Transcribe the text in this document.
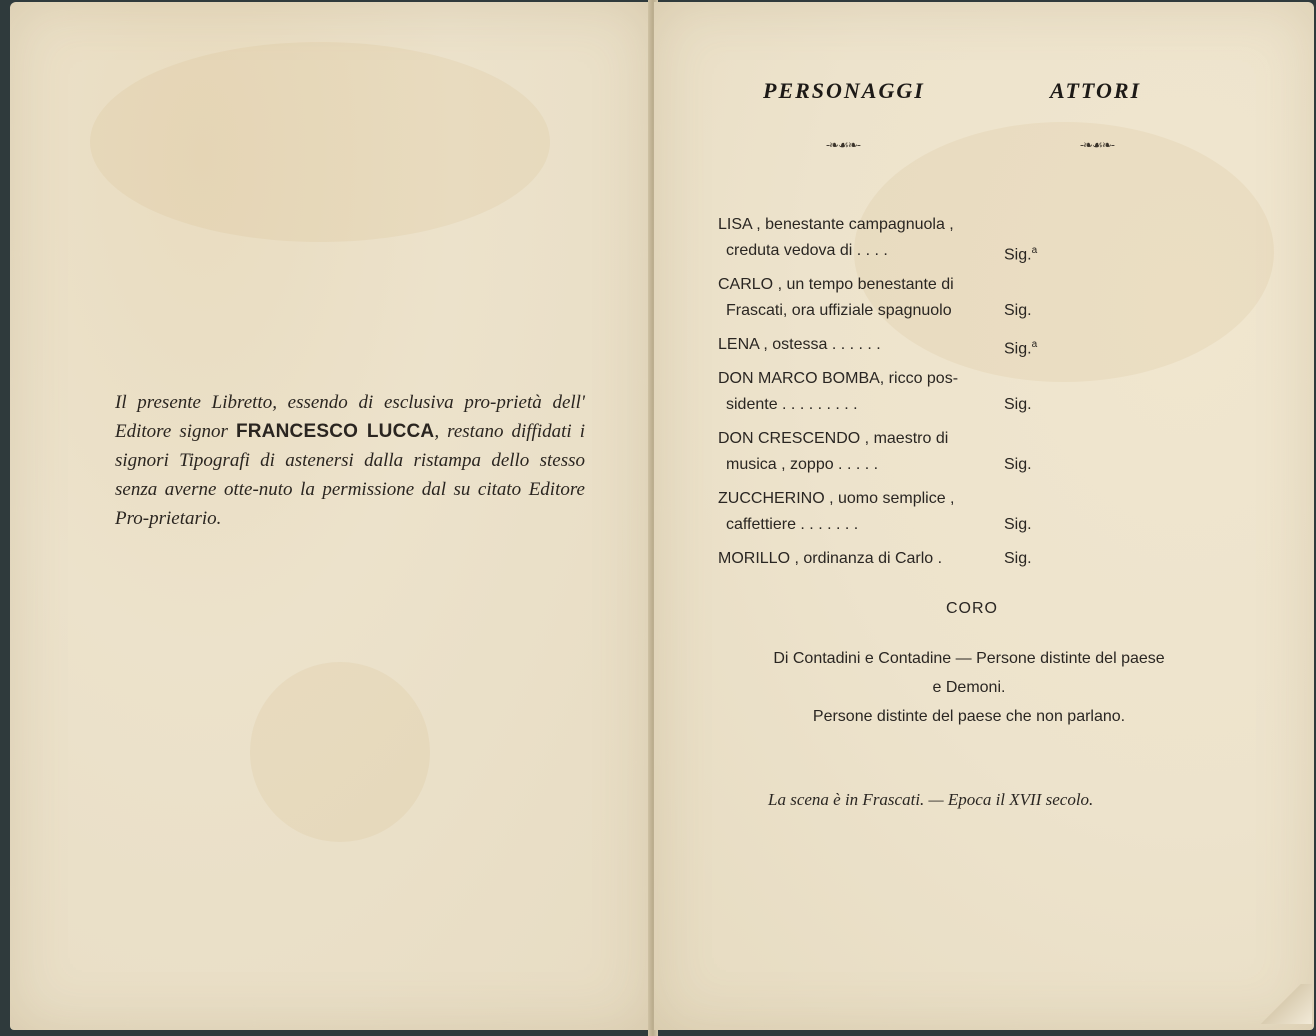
Il presente Libretto, essendo di esclusiva pro-prietà dell' Editore signor FRANCESCO LUCCA, restano diffidati i signori Tipografi di astenersi dalla ristampa dello stesso senza averne otte-nuto la permissione dal su citato Editore Pro-prietario.
PERSONAGGI	ATTORI
-❧☙❧-	-❧☙❧-
LISA , benestante campagnuola ,
creduta vedova di . . . .	Sig.$^a$
CARLO , un tempo benestante di
Frascati, ora uffiziale spagnuolo	Sig.
LENA , ostessa . . . . . .	Sig.$^a$
DON MARCO BOMBA, ricco pos-
sidente . . . . . . . . .	Sig.
DON CRESCENDO , maestro di
musica , zoppo . . . . .	Sig.
ZUCCHERINO , uomo semplice ,
caffettiere . . . . . . .	Sig.
MORILLO , ordinanza di Carlo .	Sig.
CORO
Di Contadini e Contadine — Persone distinte del paese
e Demoni.
Persone distinte del paese che non parlano.
La scena è in Frascati. — Epoca il XVII secolo.
